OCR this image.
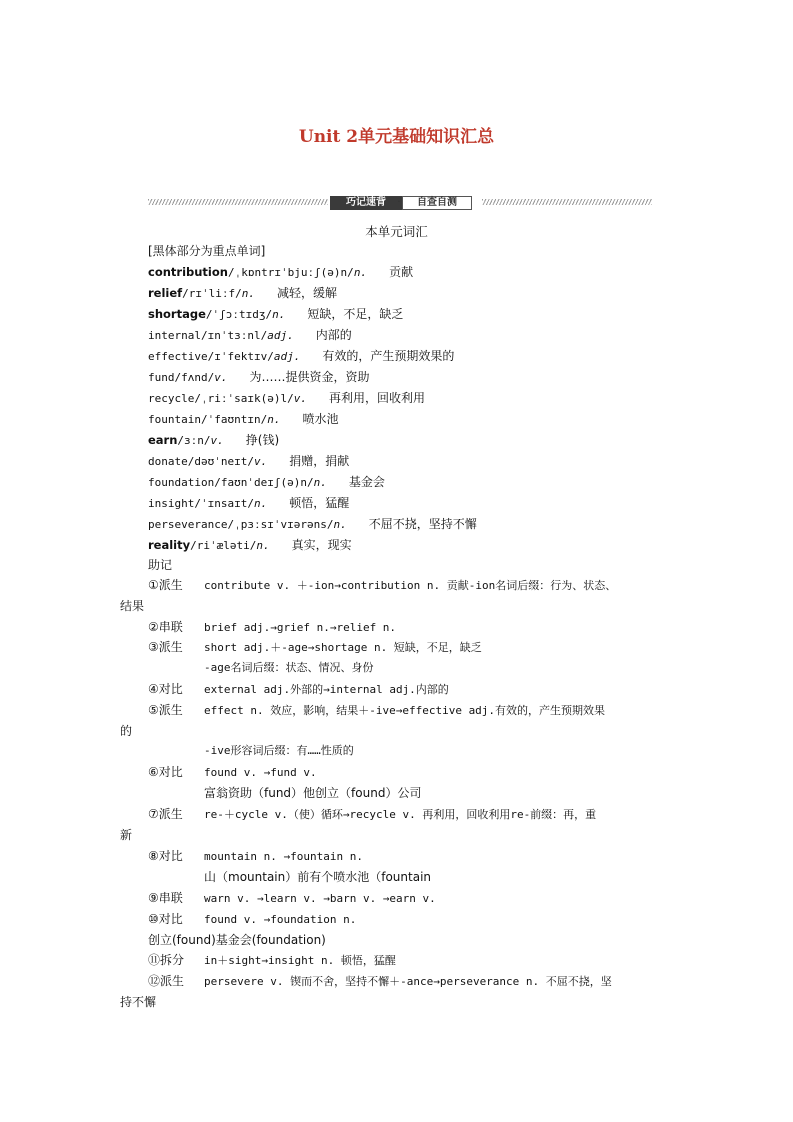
Unit 2单元基础知识汇总
巧记速背	·	自查自测
本单元词汇
[黑体部分为重点单词]
contribution/ˌkɒntrɪˈbjuːʃ(ə)n/n. 贡献
relief/rɪˈliːf/n. 减轻，缓解
shortage/ˈʃɔːtɪdʒ/n. 短缺，不足，缺乏
internal/ɪnˈtɜːnl/adj. 内部的
effective/ɪˈfektɪv/adj. 有效的，产生预期效果的
fund/fʌnd/v. 为……提供资金，资助
recycle/ˌriːˈsaɪk(ə)l/v. 再利用，回收利用
fountain/ˈfaʊntɪn/n. 喷水池
earn/ɜːn/v. 挣(钱)
donate/dəʊˈneɪt/v. 捐赠，捐献
foundation/faʊnˈdeɪʃ(ə)n/n. 基金会
insight/ˈɪnsaɪt/n. 顿悟，猛醒
perseverance/ˌpɜːsɪˈvɪərəns/n. 不屈不挠，坚持不懈
reality/riˈæləti/n. 真实，现实
助记
①派生 contribute v. ＋-ion→contribution n. 贡献-ion名词后缀：行为、状态、
结果
②串联 brief adj.→grief n.→relief n.
③派生 short adj.＋-age→shortage n. 短缺，不足，缺乏
-age名词后缀：状态、情况、身份
④对比 external adj.外部的→internal adj.内部的
⑤派生 effect n. 效应，影响，结果＋-ive→effective adj.有效的，产生预期效果
的
-ive形容词后缀：有……性质的
⑥对比 found v. →fund v.
富翁资助（fund）他创立（found）公司
⑦派生 re-＋cycle v.（使）循环→recycle v. 再利用，回收利用re-前缀：再，重
新
⑧对比 mountain n. →fountain n.
山（mountain）前有个喷水池（fountain
⑨串联 warn v. →learn v. →barn v. →earn v.
⑩对比 found v. →foundation n.
创立(found)基金会(foundation)
⑪拆分 in＋sight→insight n. 顿悟，猛醒
⑫派生 persevere v. 锲而不舍，坚持不懈＋-ance→perseverance n. 不屈不挠，坚
持不懈
